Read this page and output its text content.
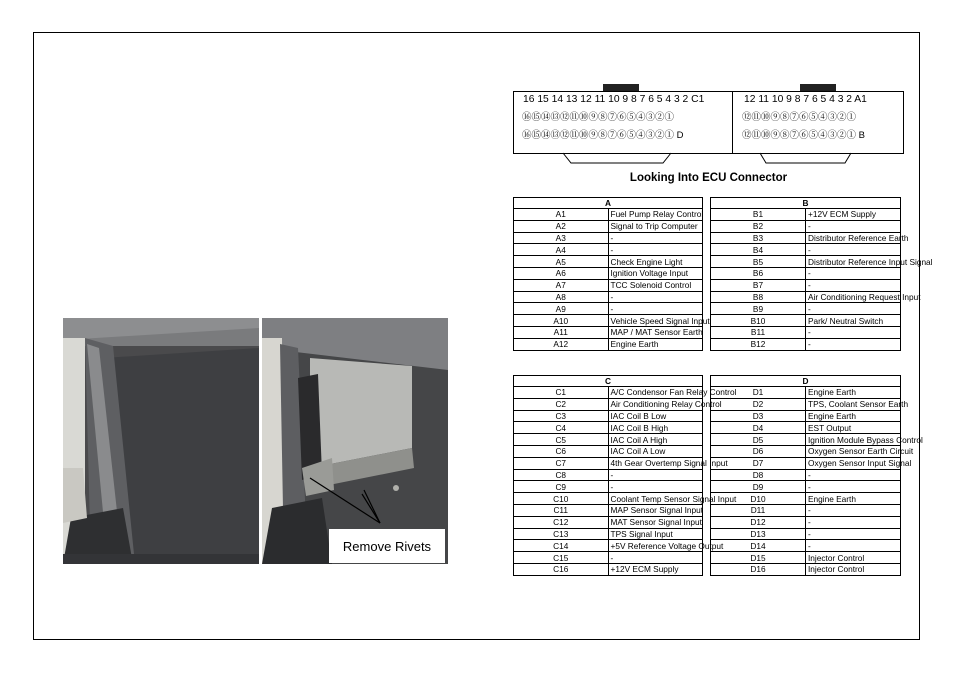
Remove Rivets
16 15 14 13 12 11 10 9 8 7 6 5 4 3 2 C1
⑯⑮⑭⑬⑫⑪⑩⑨⑧⑦⑥⑤④③②①
⑯⑮⑭⑬⑫⑪⑩⑨⑧⑦⑥⑤④③②① D
12 11 10 9 8 7 6 5 4 3 2 A1
⑫⑪⑩⑨⑧⑦⑥⑤④③②①
⑫⑪⑩⑨⑧⑦⑥⑤④③②① B
Looking Into ECU Connector
A	
A1	Fuel Pump Relay Control
A2	Signal to Trip Computer
A3	-
A4	-
A5	Check Engine Light
A6	Ignition Voltage Input
A7	TCC Solenoid Control
A8	-
A9	-
A10	Vehicle Speed Signal Input
A11	MAP / MAT Sensor Earth
A12	Engine Earth
B	
B1	+12V ECM Supply
B2	-
B3	Distributor Reference Earth
B4	-
B5	Distributor Reference Input Signal
B6	-
B7	-
B8	Air Conditioning Request Input
B9	-
B10	Park/ Neutral Switch
B11	-
B12	-
C	
C1	A/C Condensor Fan Relay Control
C2	Air Conditioning Relay Control
C3	IAC Coil B Low
C4	IAC Coil B High
C5	IAC Coil A High
C6	IAC Coil A Low
C7	4th Gear Overtemp Signal Input
C8	-
C9	-
C10	Coolant Temp Sensor Signal Input
C11	MAP Sensor Signal Input
C12	MAT Sensor Signal Input
C13	TPS Signal Input
C14	+5V Reference Voltage Output
C15	-
C16	+12V ECM Supply
D	
D1	Engine Earth
D2	TPS, Coolant Sensor Earth
D3	Engine Earth
D4	EST Output
D5	Ignition Module Bypass Control
D6	Oxygen Sensor Earth Circuit
D7	Oxygen Sensor Input Signal
D8	-
D9	-
D10	Engine Earth
D11	-
D12	-
D13	-
D14	-
D15	Injector Control
D16	Injector Control
